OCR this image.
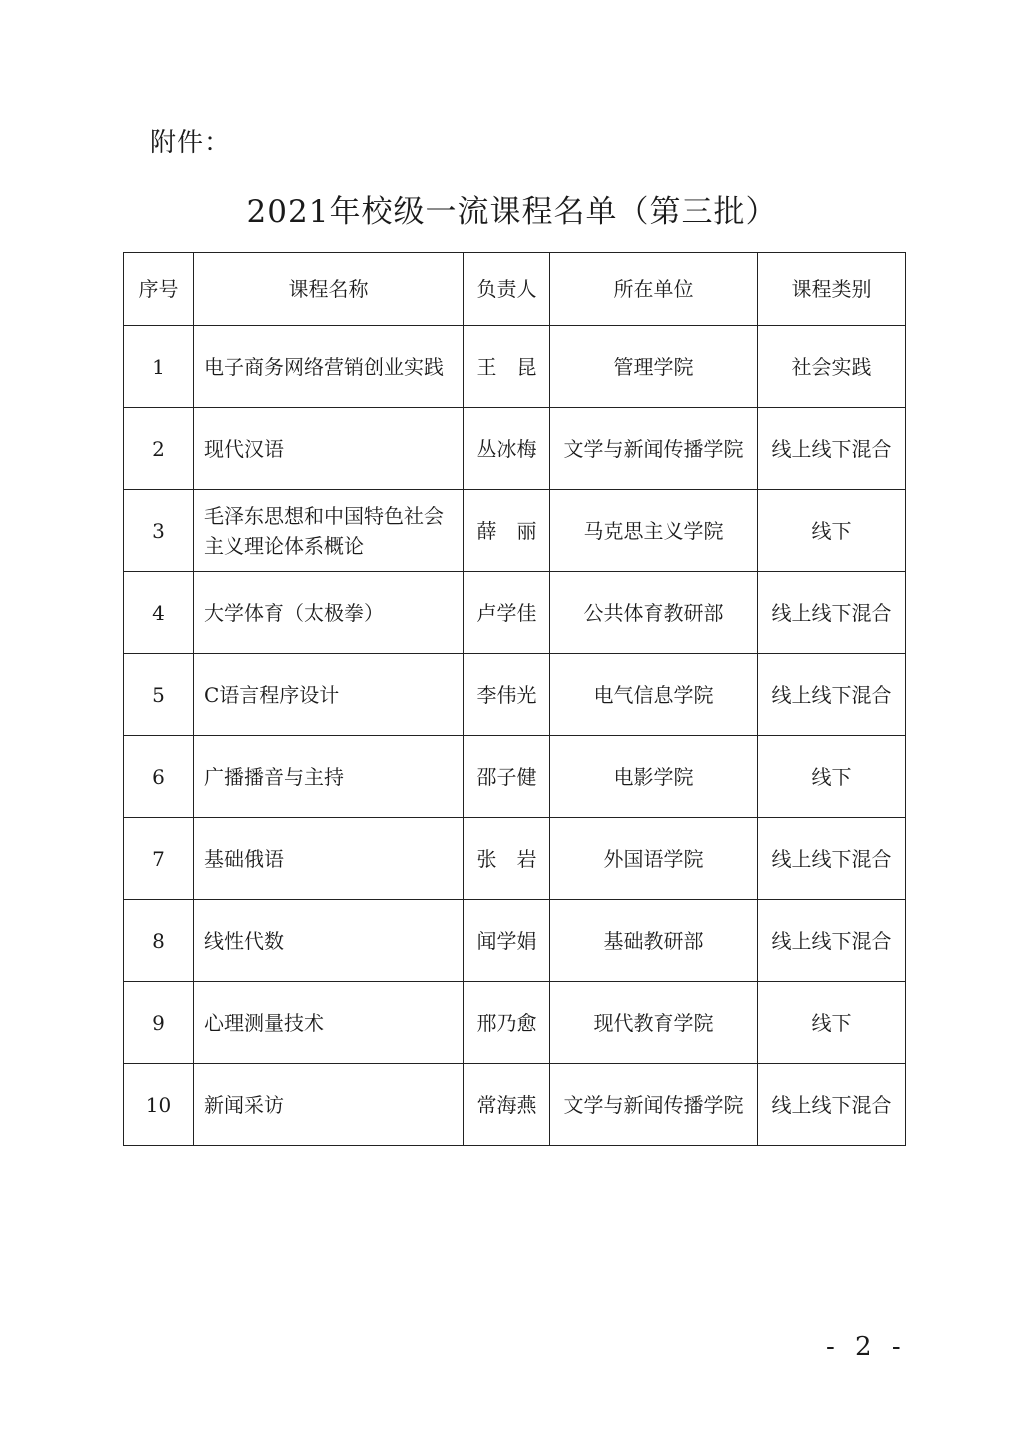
附件：
2021年校级一流课程名单（第三批）
序号	课程名称	负责人	所在单位	课程类别
1	电子商务网络营销创业实践	王　昆	管理学院	社会实践
2	现代汉语	丛冰梅	文学与新闻传播学院	线上线下混合
3	毛泽东思想和中国特色社会主义理论体系概论	薛　丽	马克思主义学院	线下
4	大学体育（太极拳）	卢学佳	公共体育教研部	线上线下混合
5	C语言程序设计	李伟光	电气信息学院	线上线下混合
6	广播播音与主持	邵子健	电影学院	线下
7	基础俄语	张　岩	外国语学院	线上线下混合
8	线性代数	闻学娟	基础教研部	线上线下混合
9	心理测量技术	邢乃愈	现代教育学院	线下
10	新闻采访	常海燕	文学与新闻传播学院	线上线下混合
- 2 -
